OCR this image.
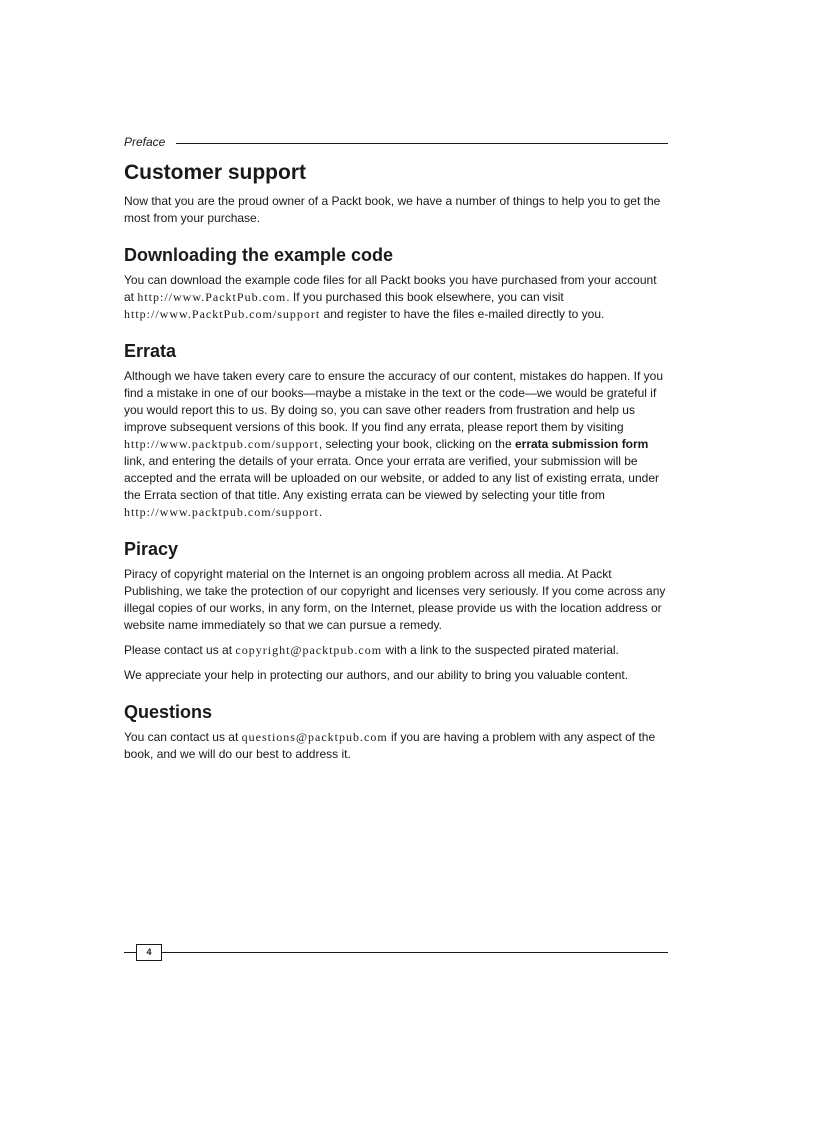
Preface
Customer support

Now that you are the proud owner of a Packt book, we have a number of things to help you to get the most from your purchase.

Downloading the example code

You can download the example code files for all Packt books you have purchased from your account at http://www.PacktPub.com. If you purchased this book elsewhere, you can visit http://www.PacktPub.com/support and register to have the files e-mailed directly to you.

Errata

Although we have taken every care to ensure the accuracy of our content, mistakes do happen. If you find a mistake in one of our books—maybe a mistake in the text or the code—we would be grateful if you would report this to us. By doing so, you can save other readers from frustration and help us improve subsequent versions of this book. If you find any errata, please report them by visiting http://www.packtpub.com/support, selecting your book, clicking on the errata submission form link, and entering the details of your errata. Once your errata are verified, your submission will be accepted and the errata will be uploaded on our website, or added to any list of existing errata, under the Errata section of that title. Any existing errata can be viewed by selecting your title from http://www.packtpub.com/support.

Piracy

Piracy of copyright material on the Internet is an ongoing problem across all media. At Packt Publishing, we take the protection of our copyright and licenses very seriously. If you come across any illegal copies of our works, in any form, on the Internet, please provide us with the location address or website name immediately so that we can pursue a remedy.

Please contact us at copyright@packtpub.com with a link to the suspected pirated material.

We appreciate your help in protecting our authors, and our ability to bring you valuable content.

Questions

You can contact us at questions@packtpub.com if you are having a problem with any aspect of the book, and we will do our best to address it.

4
